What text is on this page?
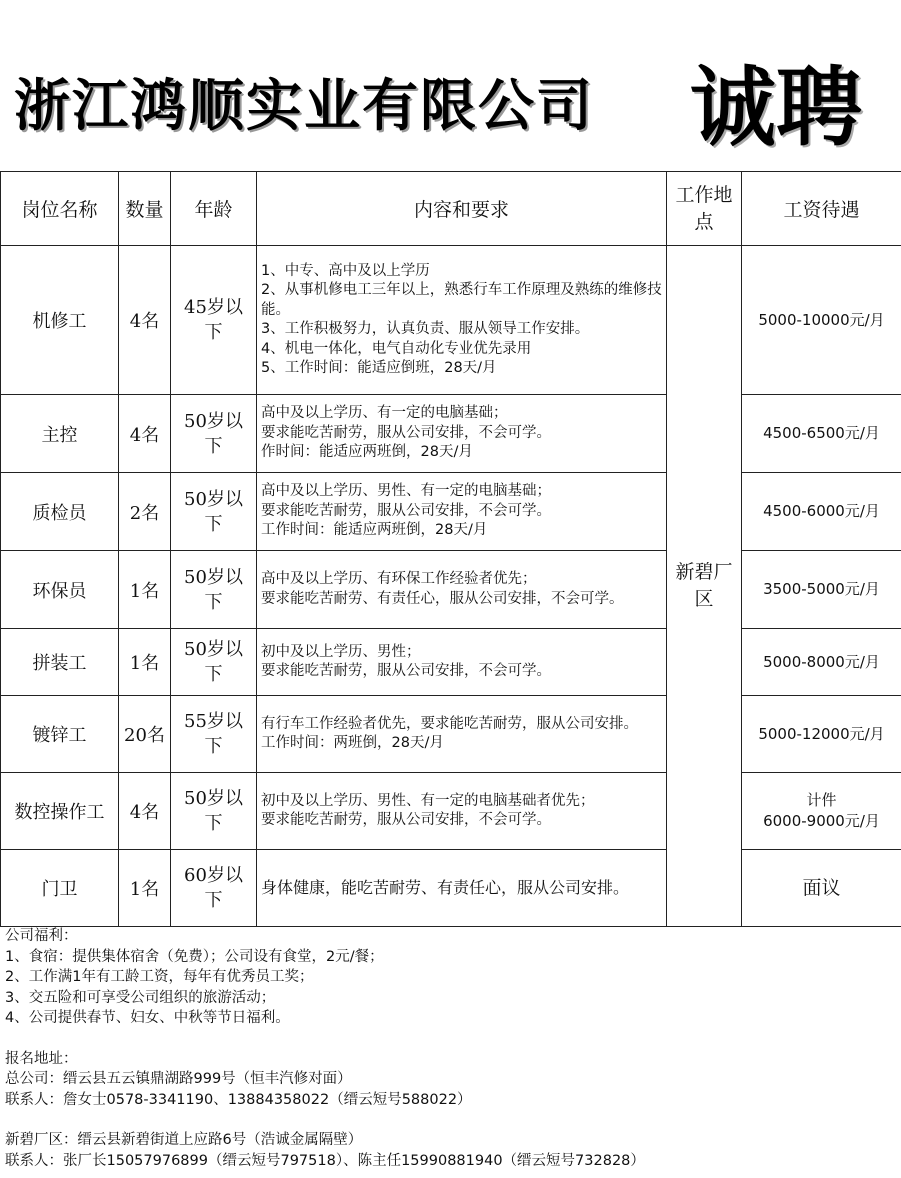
浙江鸿顺实业有限公司 诚聘
岗位名称	数量	年龄	内容和要求	工作地点	工资待遇
机修工	4名	45岁以下	1、中专、高中及以上学历
2、从事机修电工三年以上，熟悉行车工作原理及熟练的维修技能。
3、工作积极努力，认真负责、服从领导工作安排。
4、机电一体化，电气自动化专业优先录用
5、工作时间：能适应倒班，28天/月	新碧厂区	5000-10000元/月
主控	4名	50岁以下	高中及以上学历、有一定的电脑基础；
要求能吃苦耐劳，服从公司安排，不会可学。
作时间：能适应两班倒，28天/月		4500-6500元/月
质检员	2名	50岁以下	高中及以上学历、男性、有一定的电脑基础；
要求能吃苦耐劳，服从公司安排，不会可学。
工作时间：能适应两班倒，28天/月		4500-6000元/月
环保员	1名	50岁以下	高中及以上学历、有环保工作经验者优先；
要求能吃苦耐劳、有责任心，服从公司安排，不会可学。		3500-5000元/月
拼装工	1名	50岁以下	初中及以上学历、男性；
要求能吃苦耐劳，服从公司安排，不会可学。		5000-8000元/月
镀锌工	20名	55岁以下	有行车工作经验者优先，要求能吃苦耐劳，服从公司安排。
工作时间：两班倒，28天/月		5000-12000元/月
数控操作工	4名	50岁以下	初中及以上学历、男性、有一定的电脑基础者优先；
要求能吃苦耐劳，服从公司安排，不会可学。		计件
6000-9000元/月

门卫	1名	60岁以下	身体健康，能吃苦耐劳、有责任心，服从公司安排。		面议
公司福利：
1、食宿：提供集体宿舍（免费）；公司设有食堂，2元/餐；
2、工作满1年有工龄工资，每年有优秀员工奖；
3、交五险和可享受公司组织的旅游活动；
4、公司提供春节、妇女、中秋等节日福利。
报名地址：
总公司：缙云县五云镇鼎湖路999号（恒丰汽修对面）
联系人：詹女士0578-3341190、13884358022（缙云短号588022）
新碧厂区：缙云县新碧街道上应路6号（浩诚金属隔壁）
联系人：张厂长15057976899（缙云短号797518）、陈主任15990881940（缙云短号732828）
